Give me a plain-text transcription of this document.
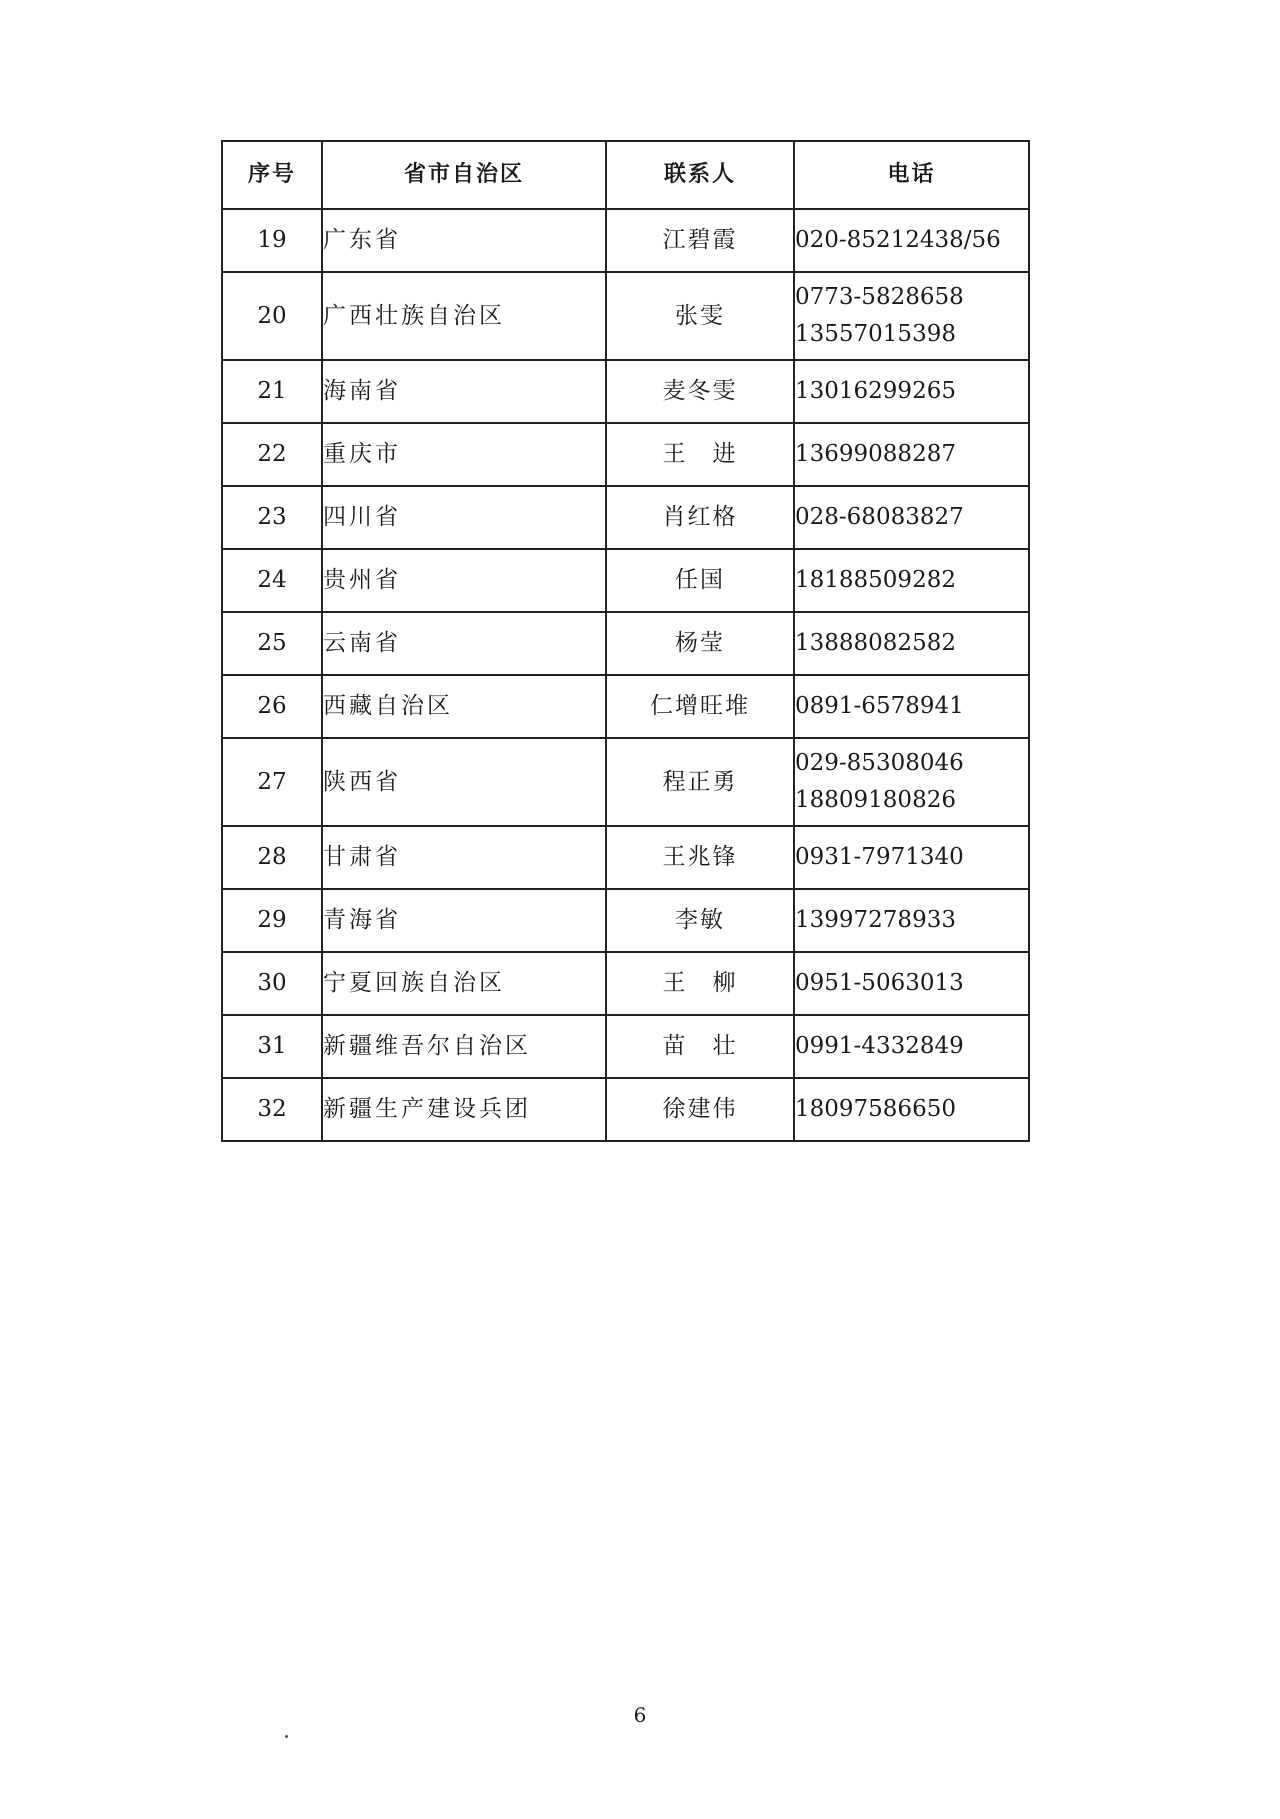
序号	省市自治区	联系人	电话
19	广东省	江碧霞	020-85212438/56

20	广西壮族自治区	张雯	0773-5828658
13557015398

21	海南省	麦冬雯	13016299265

22	重庆市	王　进	13699088287

23	四川省	肖红格	028-68083827

24	贵州省	任国	18188509282

25	云南省	杨莹	13888082582

26	西藏自治区	仁增旺堆	0891-6578941

27	陕西省	程正勇	029-85308046
18809180826

28	甘肃省	王兆锋	0931-7971340

29	青海省	李敏	13997278933

30	宁夏回族自治区	王　柳	0951-5063013

31	新疆维吾尔自治区	苗　壮	0991-4332849

32	新疆生产建设兵团	徐建伟	18097586650
6
